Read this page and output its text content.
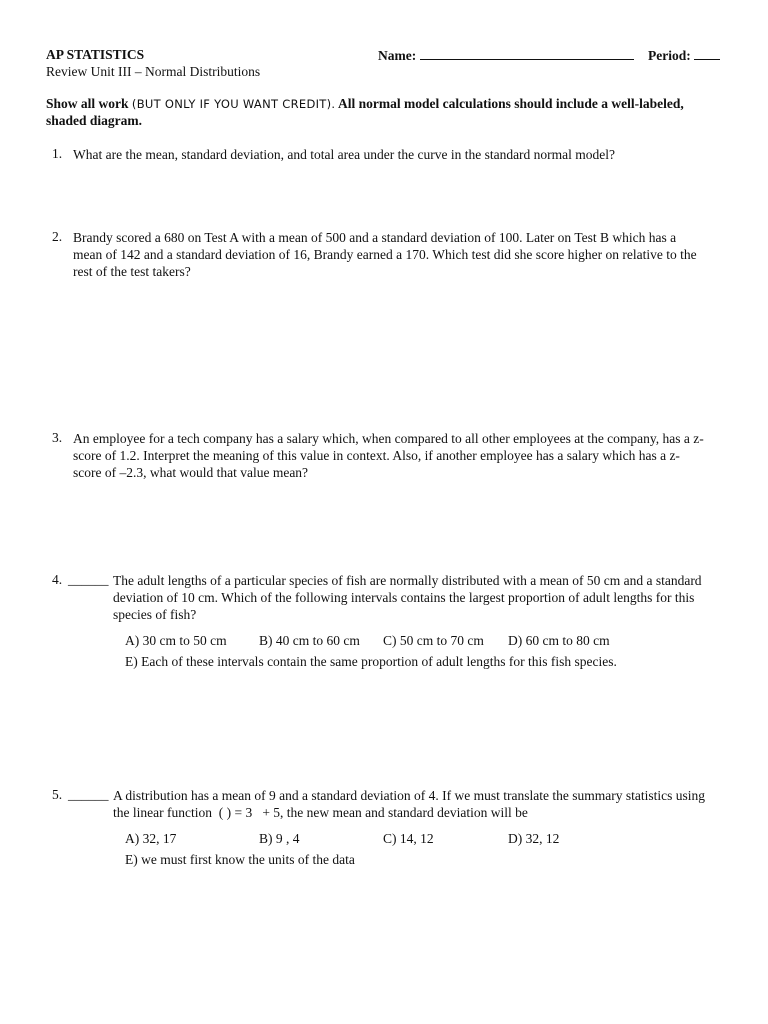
AP STATISTICS
Review Unit III – Normal Distributions
Name:	Period:
Show all work (BUT ONLY IF YOU WANT CREDIT). All normal model calculations should include a well-labeled,
shaded diagram.
1. What are the mean, standard deviation, and total area under the curve in the standard normal model?
2. Brandy scored a 680 on Test A with a mean of 500 and a standard deviation of 100. Later on Test B which has a
mean of 142 and a standard deviation of 16, Brandy earned a 170. Which test did she score higher on relative to the
rest of the test takers?
3. An employee for a tech company has a salary which, when compared to all other employees at the company, has a z-
score of 1.2. Interpret the meaning of this value in context. Also, if another employee has a salary which has a z-
score of –2.3, what would that value mean?
4. ______ The adult lengths of a particular species of fish are normally distributed with a mean of 50 cm and a standard
deviation of 10 cm. Which of the following intervals contains the largest proportion of adult lengths for this
species of fish?
A) 30 cm to 50 cm B) 40 cm to 60 cm C) 50 cm to 70 cm D) 60 cm to 80 cm
E) Each of these intervals contain the same proportion of adult lengths for this fish species.
5. ______ A distribution has a mean of 9 and a standard deviation of 4. If we must translate the summary statistics using
the linear function  ( ) = 3   + 5, the new mean and standard deviation will be
A) 32, 17	B) 9 , 4	C) 14, 12	D) 32, 12
E) we must first know the units of the data
